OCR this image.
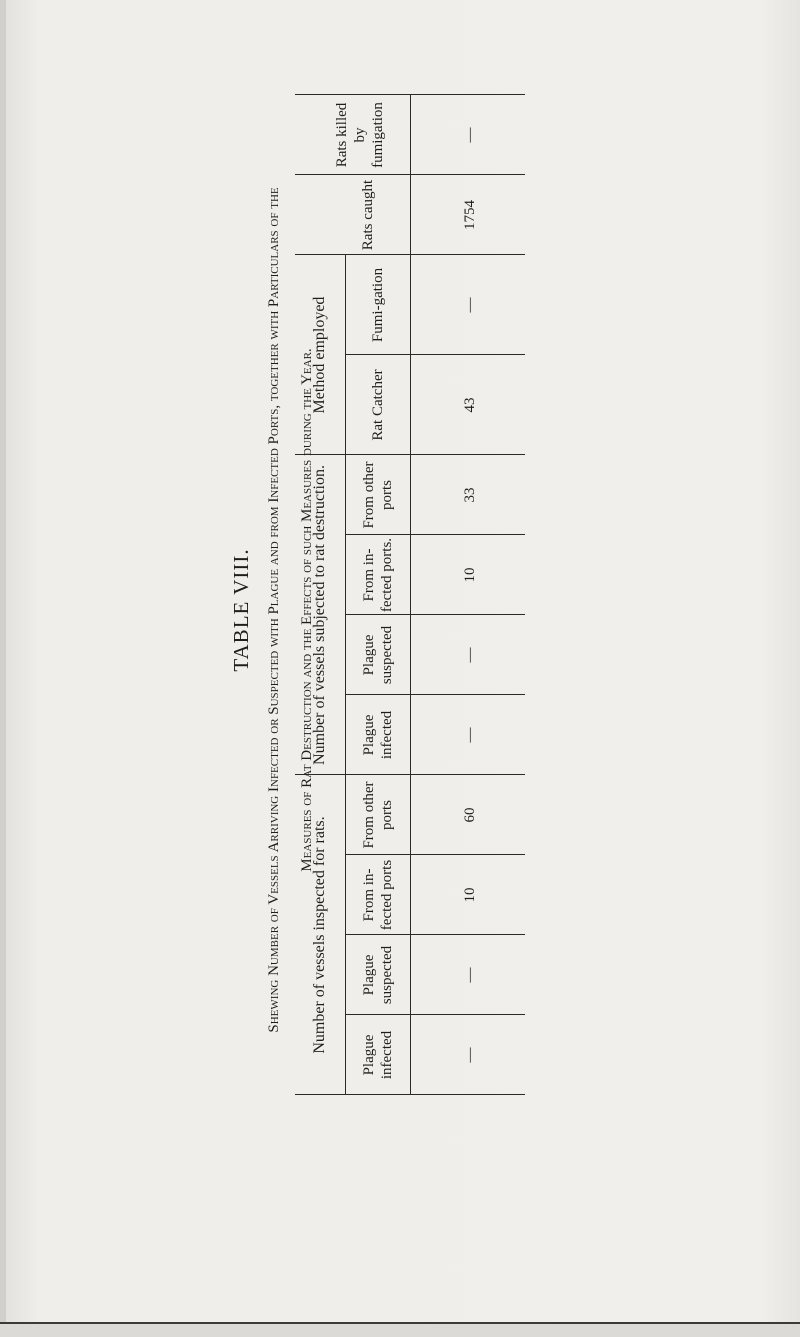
TABLE VIII. Shewing Number of Vessels Arriving Infected or Suspected with Plague and from Infected Ports, together with Particulars of the	Measures of Rat Destruction and the Effects of such Measures during the Year.
Number of vessels inspected for rats.
Number of vessels subjected to rat destruction.
Method employed
Plague infected
Plague suspected
From in-fected ports
From other ports
Plague infected
Plague suspected
From in-fected ports.
From other ports
Rat Catcher
Fumi-gation
Rats caught
Rats killed by fumigation
—
—
10
60
—
—
10
33
43
—
1754
—
